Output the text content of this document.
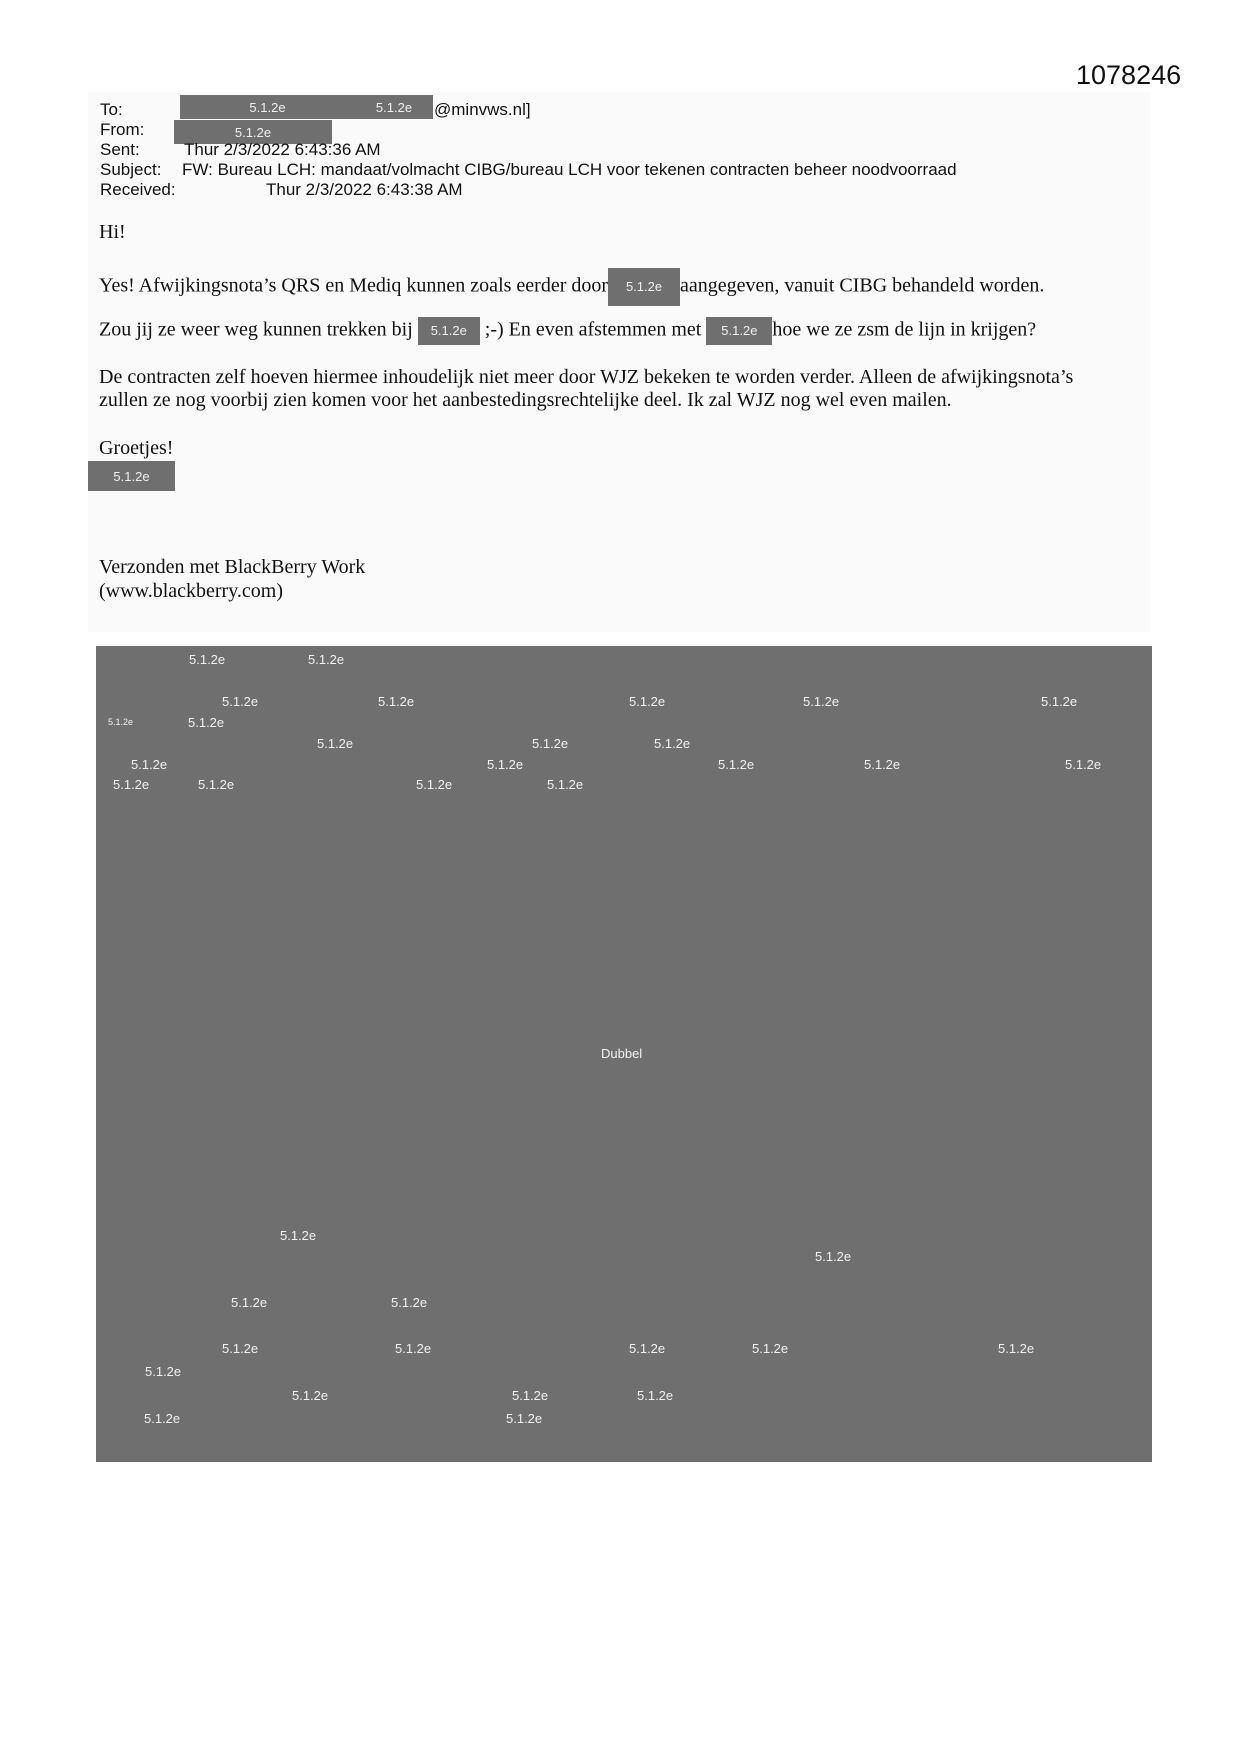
1078246
To:	5.1.2e	5.1.2e	@minvws.nl]
From:	5.1.2e
Sent:	Thur 2/3/2022 6:43:36 AM
Subject: FW: Bureau LCH: mandaat/volmacht CIBG/bureau LCH voor tekenen contracten beheer noodvoorraad
Received:	Thur 2/3/2022 6:43:38 AM
Hi!
Yes! Afwijkingsnota’s QRS en Mediq kunnen zoals eerder door 5.1.2e aangegeven, vanuit CIBG behandeld worden.
Zou jij ze weer weg kunnen trekken bij 5.1.2e ;-) En even afstemmen met 5.1.2e hoe we ze zsm de lijn in krijgen?
De contracten zelf hoeven hiermee inhoudelijk niet meer door WJZ bekeken te worden verder. Alleen de afwijkingsnota’s
zullen ze nog voorbij zien komen voor het aanbestedingsrechtelijke deel. Ik zal WJZ nog wel even mailen.
Groetjes!
5.1.2e
Verzonden met BlackBerry Work
(www.blackberry.com)
5.1.2e	5.1.2e
5.1.2e	5.1.2e	5.1.2e	5.1.2e	5.1.2e
5.1.2e	5.1.2e
5.1.2e	5.1.2e	5.1.2e
5.1.2e	5.1.2e	5.1.2e	5.1.2e	5.1.2e
5.1.2e	5.1.2e	5.1.2e	5.1.2e
Dubbel
5.1.2e
5.1.2e
5.1.2e	5.1.2e
5.1.2e	5.1.2e	5.1.2e	5.1.2e	5.1.2e
5.1.2e
5.1.2e	5.1.2e	5.1.2e
5.1.2e	5.1.2e
